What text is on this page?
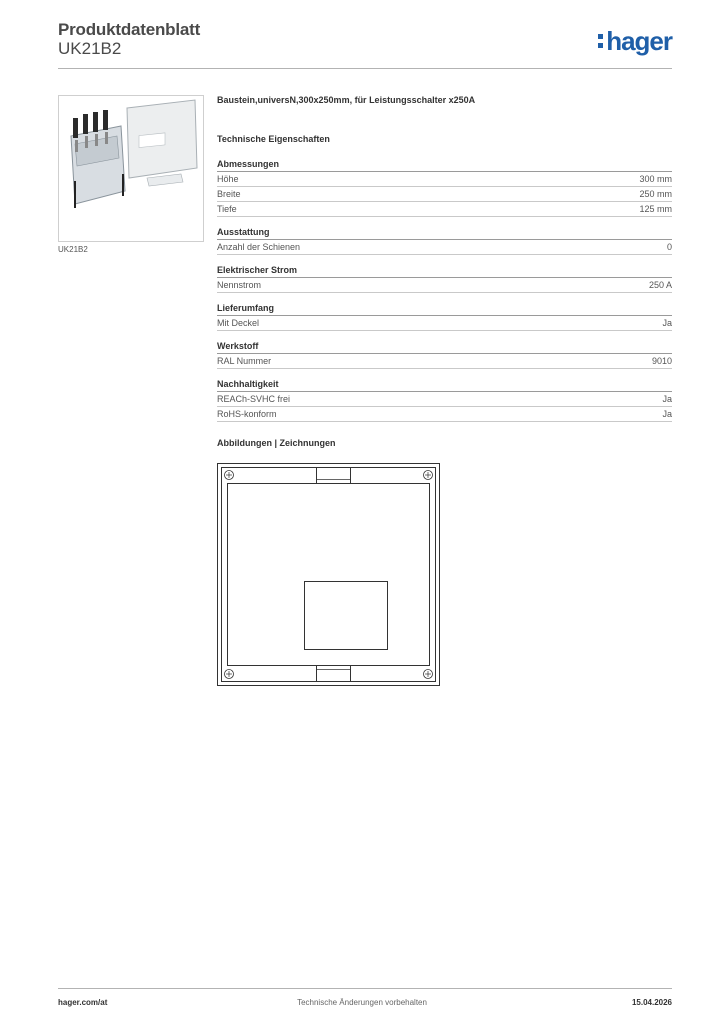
Produktdatenblatt
UK21B2	hager
UK21B2
Baustein,universN,300x250mm, für Leistungsschalter x250A
Technische Eigenschaften
Abmessungen
Höhe	300 mm
Breite	250 mm
Tiefe	125 mm
Ausstattung
Anzahl der Schienen	0
Elektrischer Strom
Nennstrom	250 A
Lieferumfang
Mit Deckel	Ja
Werkstoff
RAL Nummer	9010
Nachhaltigkeit
REACh-SVHC frei	Ja
RoHS-konform	Ja
Abbildungen | Zeichnungen
hager.com/at	Technische Änderungen vorbehalten	15.04.2026
